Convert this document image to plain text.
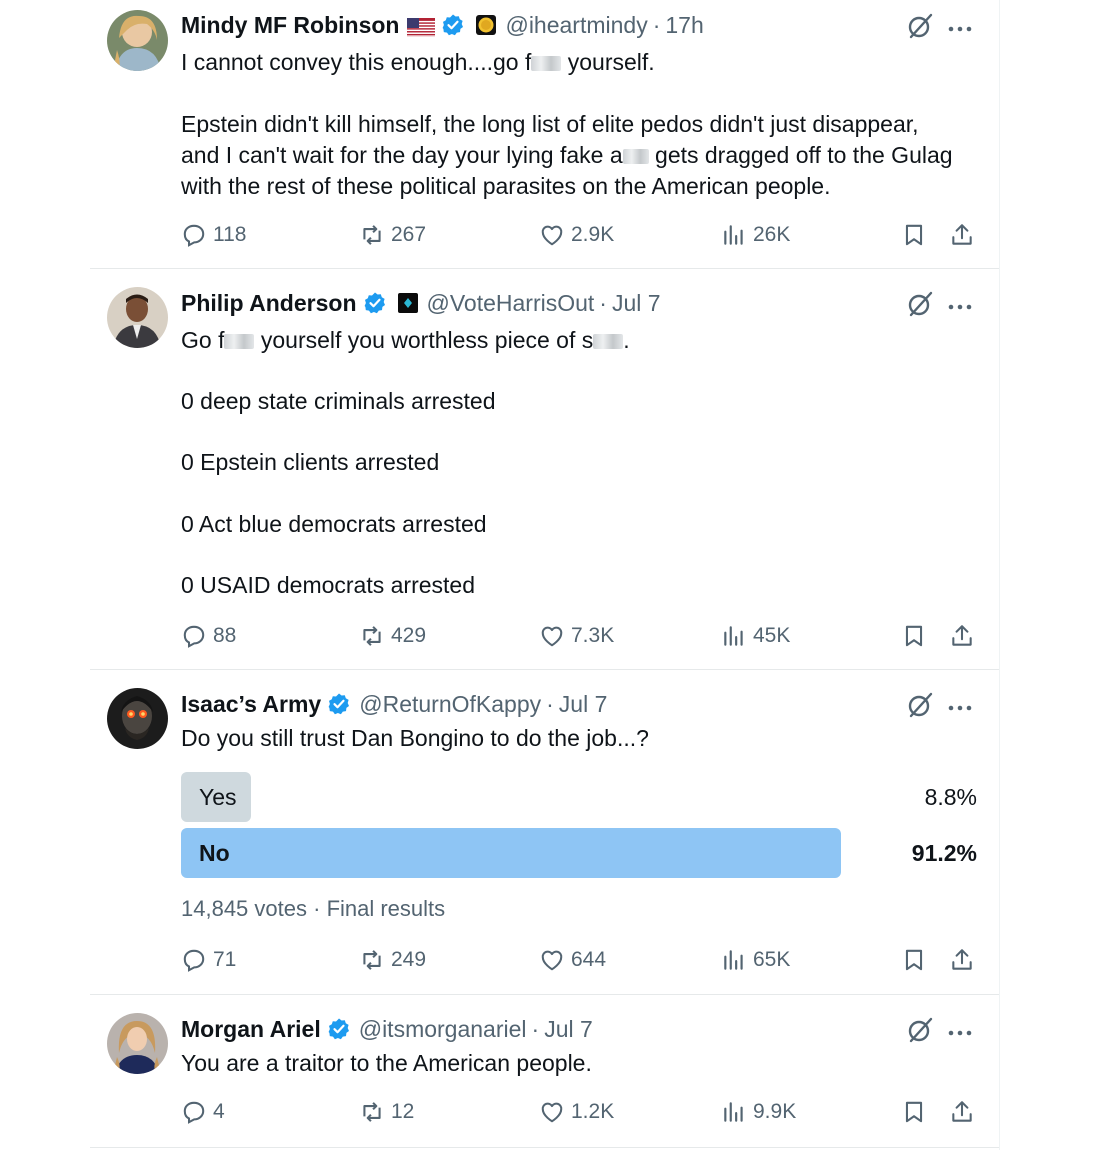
Mindy MF Robinson	@iheartmindy · 17h
I cannot convey this enough....go f yourself.

Epstein didn't kill himself, the long list of elite pedos didn't just disappear,
and I can't wait for the day your lying fake a gets dragged off to the Gulag
with the rest of these political parasites on the American people.
118	267	2.9K	26K
Philip Anderson	@VoteHarrisOut · Jul 7
Go f yourself you worthless piece of s .

0 deep state criminals arrested

0 Epstein clients arrested

0 Act blue democrats arrested

0 USAID democrats arrested
88	429	7.3K	45K
Isaac’s Army @ReturnOfKappy · Jul 7
Do you still trust Dan Bongino to do the job...?
Yes	8.8%
No	91.2%
14,845 votes · Final results
71	249	644	65K
Morgan Ariel @itsmorganariel · Jul 7
You are a traitor to the American people.
4	12	1.2K	9.9K
